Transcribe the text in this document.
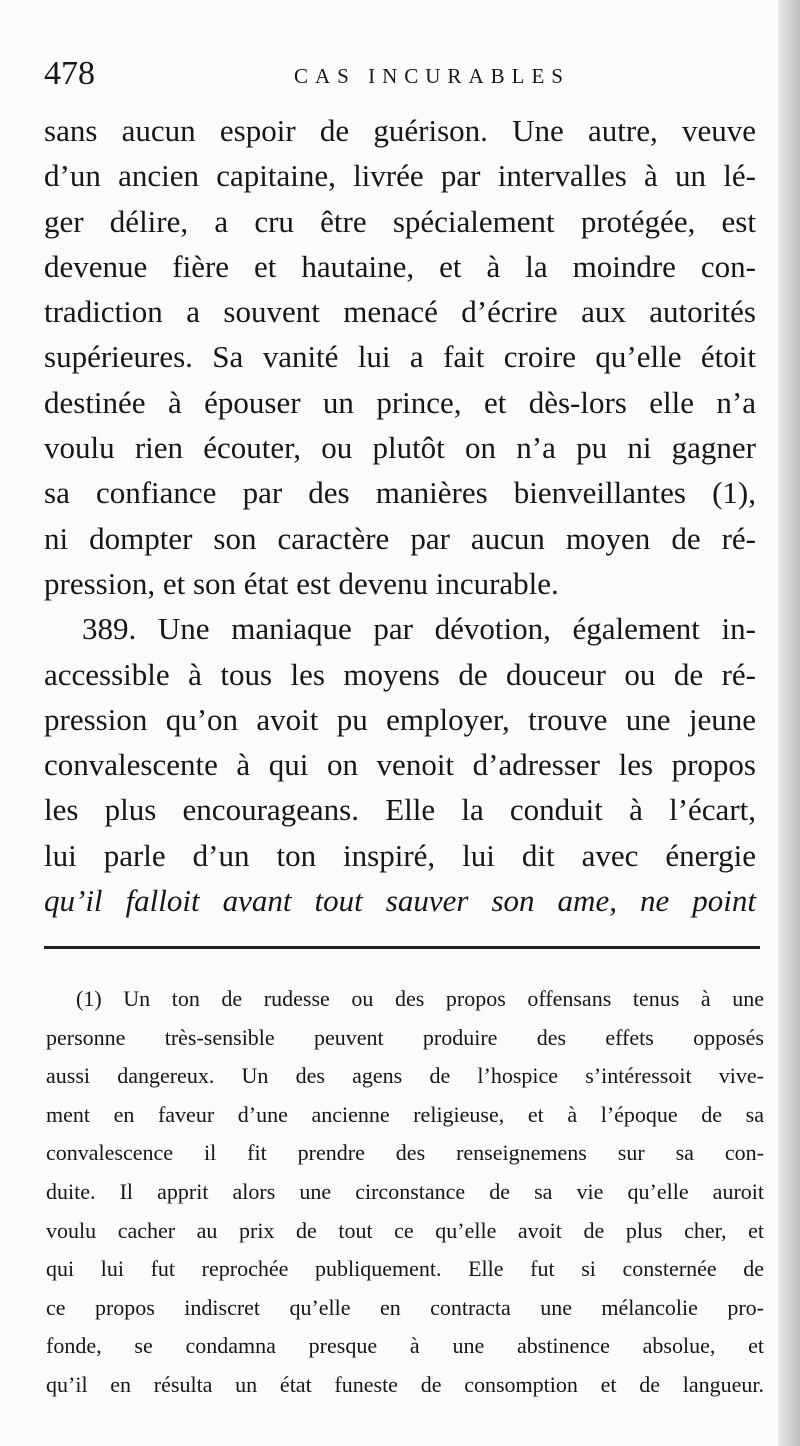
478	CAS INCURABLES
sans aucun espoir de guérison. Une autre, veuve
d’un ancien capitaine, livrée par intervalles à un lé-
ger délire, a cru être spécialement protégée, est
devenue fière et hautaine, et à la moindre con-
tradiction a souvent menacé d’écrire aux autorités
supérieures. Sa vanité lui a fait croire qu’elle étoit
destinée à épouser un prince, et dès-lors elle n’a
voulu rien écouter, ou plutôt on n’a pu ni gagner
sa confiance par des manières bienveillantes (1),
ni dompter son caractère par aucun moyen de ré-
pression, et son état est devenu incurable.
389. Une maniaque par dévotion, également in-
accessible à tous les moyens de douceur ou de ré-
pression qu’on avoit pu employer, trouve une jeune
convalescente à qui on venoit d’adresser les propos
les plus encourageans. Elle la conduit à l’écart,
lui parle d’un ton inspiré, lui dit avec énergie
qu’il falloit avant tout sauver son ame, ne point
(1) Un ton de rudesse ou des propos offensans tenus à une
personne très-sensible peuvent produire des effets opposés
aussi dangereux. Un des agens de l’hospice s’intéressoit vive-
ment en faveur d’une ancienne religieuse, et à l’époque de sa
convalescence il fit prendre des renseignemens sur sa con-
duite. Il apprit alors une circonstance de sa vie qu’elle auroit
voulu cacher au prix de tout ce qu’elle avoit de plus cher, et
qui lui fut reprochée publiquement. Elle fut si consternée de
ce propos indiscret qu’elle en contracta une mélancolie pro-
fonde, se condamna presque à une abstinence absolue, et
qu’il en résulta un état funeste de consomption et de langueur.
